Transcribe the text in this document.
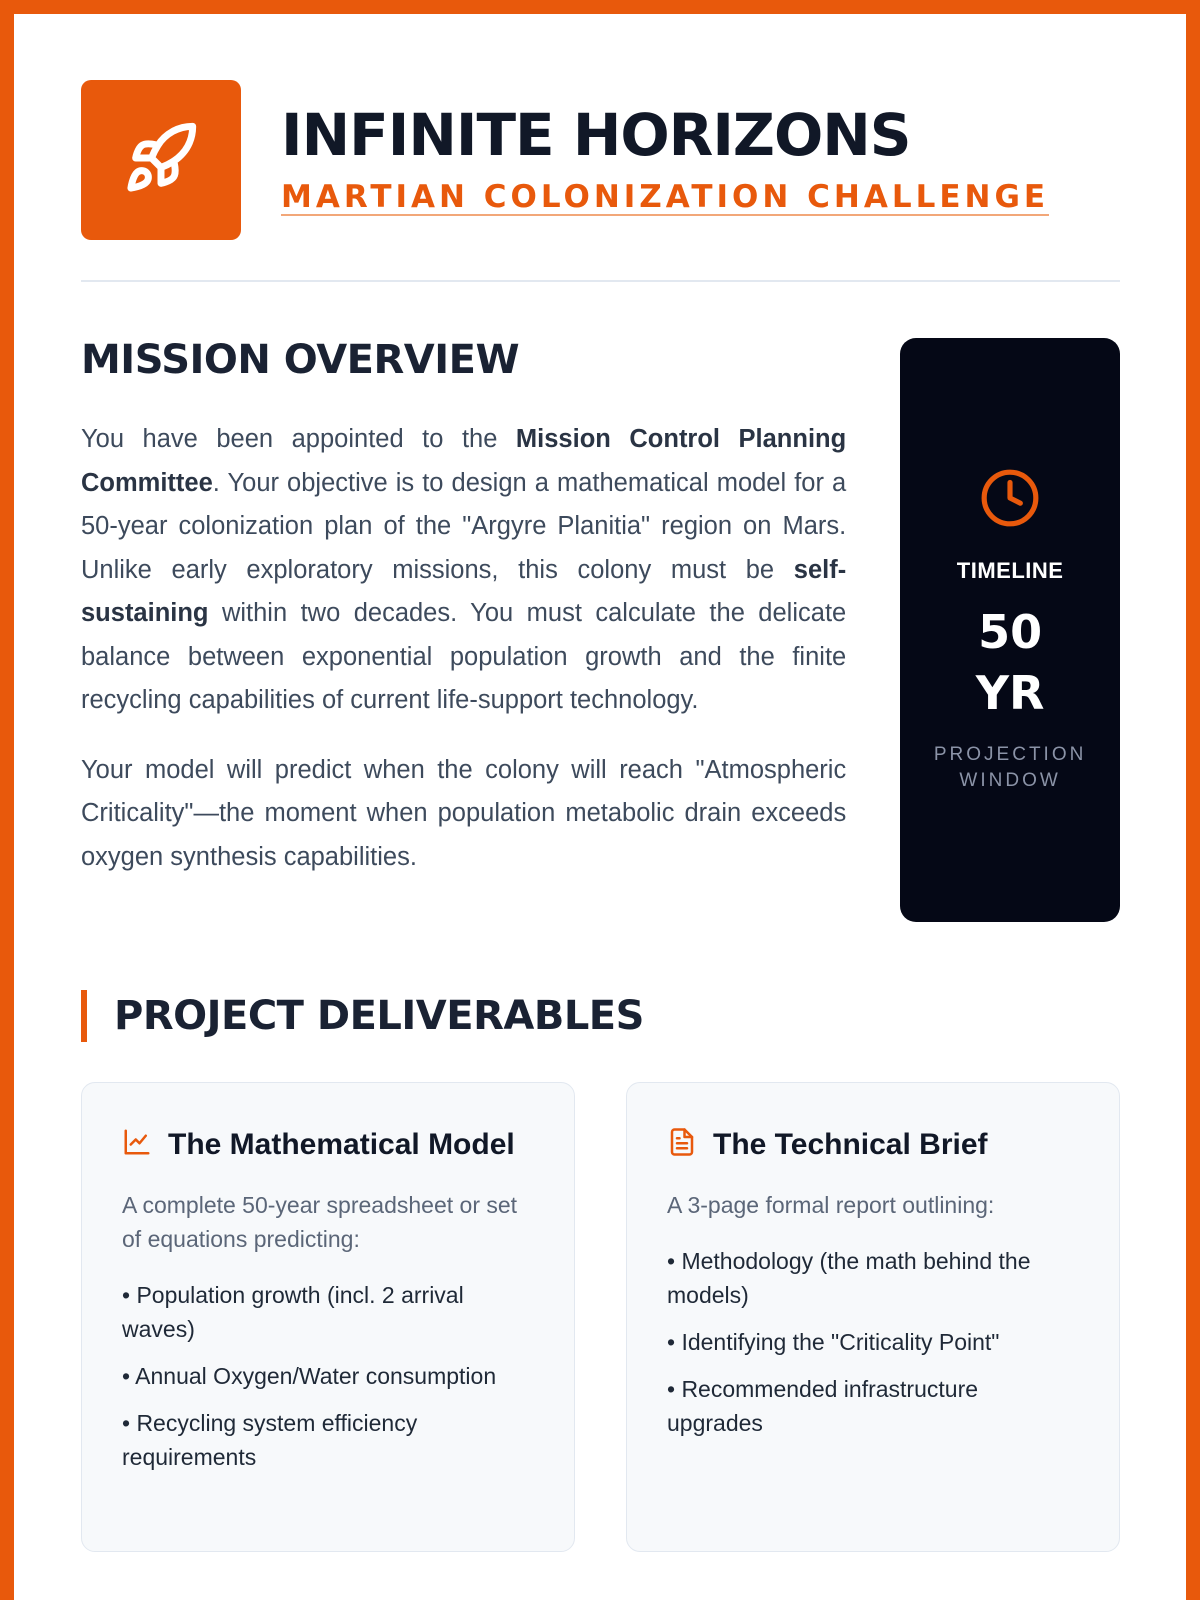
INFINITE HORIZONS
MARTIAN COLONIZATION CHALLENGE
MISSION OVERVIEW

You have been appointed to the Mission Control Planning Committee. Your objective is to design a mathematical model for a 50-year colonization plan of the "Argyre Planitia" region on Mars. Unlike early exploratory missions, this colony must be self-sustaining within two decades. You must calculate the delicate balance between exponential population growth and the finite recycling capabilities of current life-support technology.

Your model will predict when the colony will reach "Atmospheric Criticality"—the moment when population metabolic drain exceeds oxygen synthesis capabilities.

TIMELINE
50 YR
PROJECTION WINDOW
PROJECT DELIVERABLES
The Mathematical Model
A complete 50-year spreadsheet or set of equations predicting:
• Population growth (incl. 2 arrival waves)
• Annual Oxygen/Water consumption
• Recycling system efficiency requirements
The Technical Brief
A 3-page formal report outlining:
• Methodology (the math behind the models)
• Identifying the "Criticality Point"
• Recommended infrastructure upgrades
